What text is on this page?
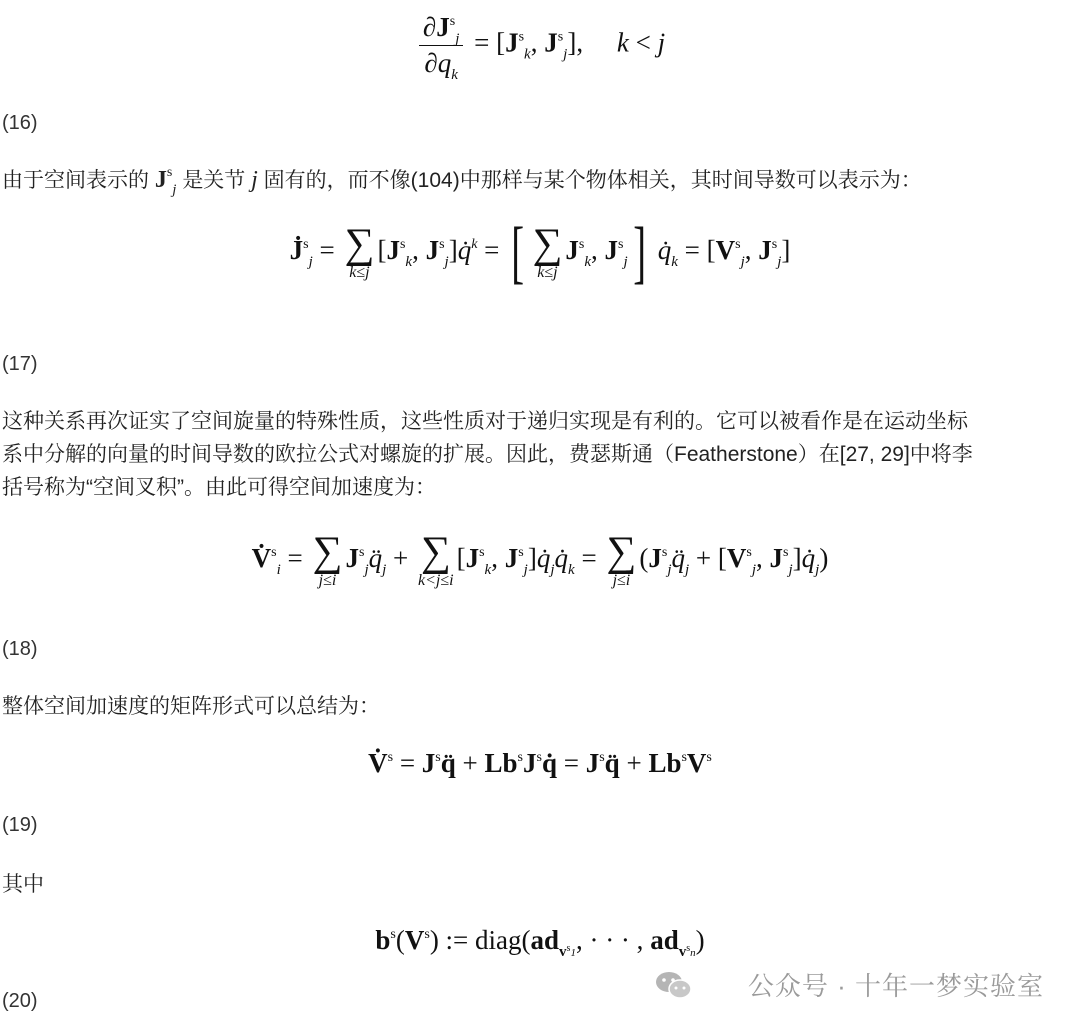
$\frac{\partial J^s_j}{\partial q_k} = [J^s_k$, $J^s_j$],     k < j
(16)
由于空间表示的 $J^s_j$ 是关节 j 固有的，而不像(104)中那样与某个物体相关，其时间导数可以表示为：
J̇$^s_j$ = ∑
k≤j
[$J^s_k$, $J^s_j]q̇^k$ = [ ∑
k≤j
$J^s_k$, $J^s_j$] $q̇_k = [V^s_j$, $J^s_j$]
(17)
这种关系再次证实了空间旋量的特殊性质，这些性质对于递归实现是有利的。它可以被看作是在运动坐标
系中分解的向量的时间导数的欧拉公式对螺旋的扩展。因此，费瑟斯通（Featherstone）在[27, 29]中将李
括号称为“空间叉积”。由此可得空间加速度为：
V̇$^s_i$ = ∑
j≤i
$J^s_jq̈_j$ + ∑
k<j≤i
[$J^s_k$, $J^s_j]q̇_jq̇_k$ = ∑
j≤i
($J^s_jq̈_j + [V^s_j$, $J^s_j]q̇_j$)
(18)
整体空间加速度的矩阵形式可以总结为：
V̇$^s$ = $J^sq̈$ + $Lb^sJ^sq̇$ = $J^sq̈ + Lb^sV^s$
(19)
其中
$b^s(V^s)$ := $diag(ad_{v^s1}$, · · · , $ad_{v^sn}$)
(20)	公众号 · 十年一梦实验室
